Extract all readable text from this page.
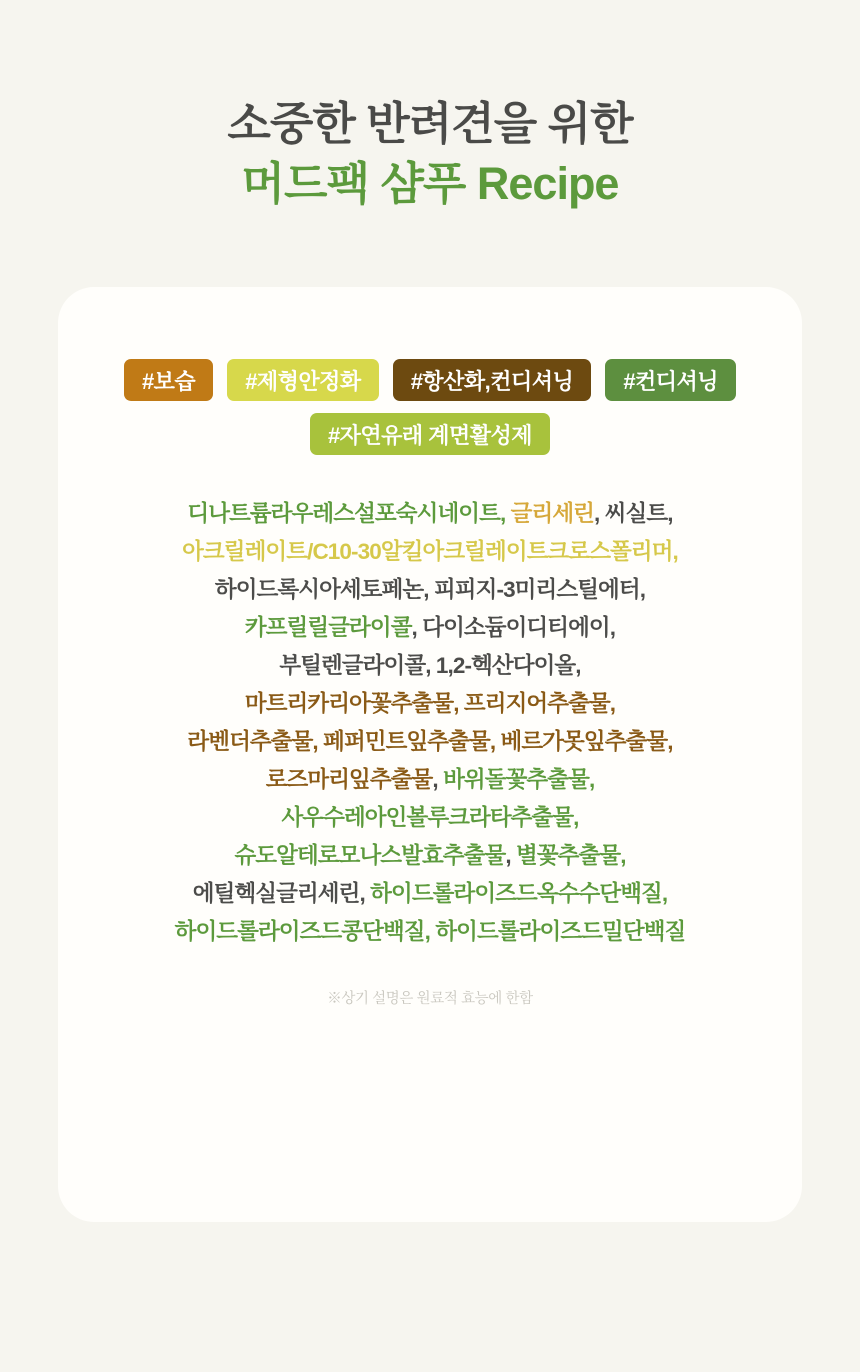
소중한 반려견을 위한
머드팩 샴푸 Recipe
#보습	#제형안정화	#항산화,컨디셔닝	#컨디셔닝
#자연유래 계면활성제
디나트륨라우레스설포숙시네이트, 글리세린, 씨실트,
아크릴레이트/C10-30알킬아크릴레이트크로스폴리머,
하이드록시아세토페논, 피피지-3미리스틸에터,
카프릴릴글라이콜, 다이소듐이디티에이,
부틸렌글라이콜, 1,2-헥산다이올,
마트리카리아꽃추출물, 프리지어추출물,
라벤더추출물, 페퍼민트잎추출물, 베르가못잎추출물,
로즈마리잎추출물, 바위돌꽃추출물,
사우수레아인볼루크라타추출물,
슈도알테로모나스발효추출물, 별꽃추출물,
에틸헥실글리세린, 하이드롤라이즈드옥수수단백질,
하이드롤라이즈드콩단백질, 하이드롤라이즈드밀단백질
※상기 설명은 원료적 효능에 한함
